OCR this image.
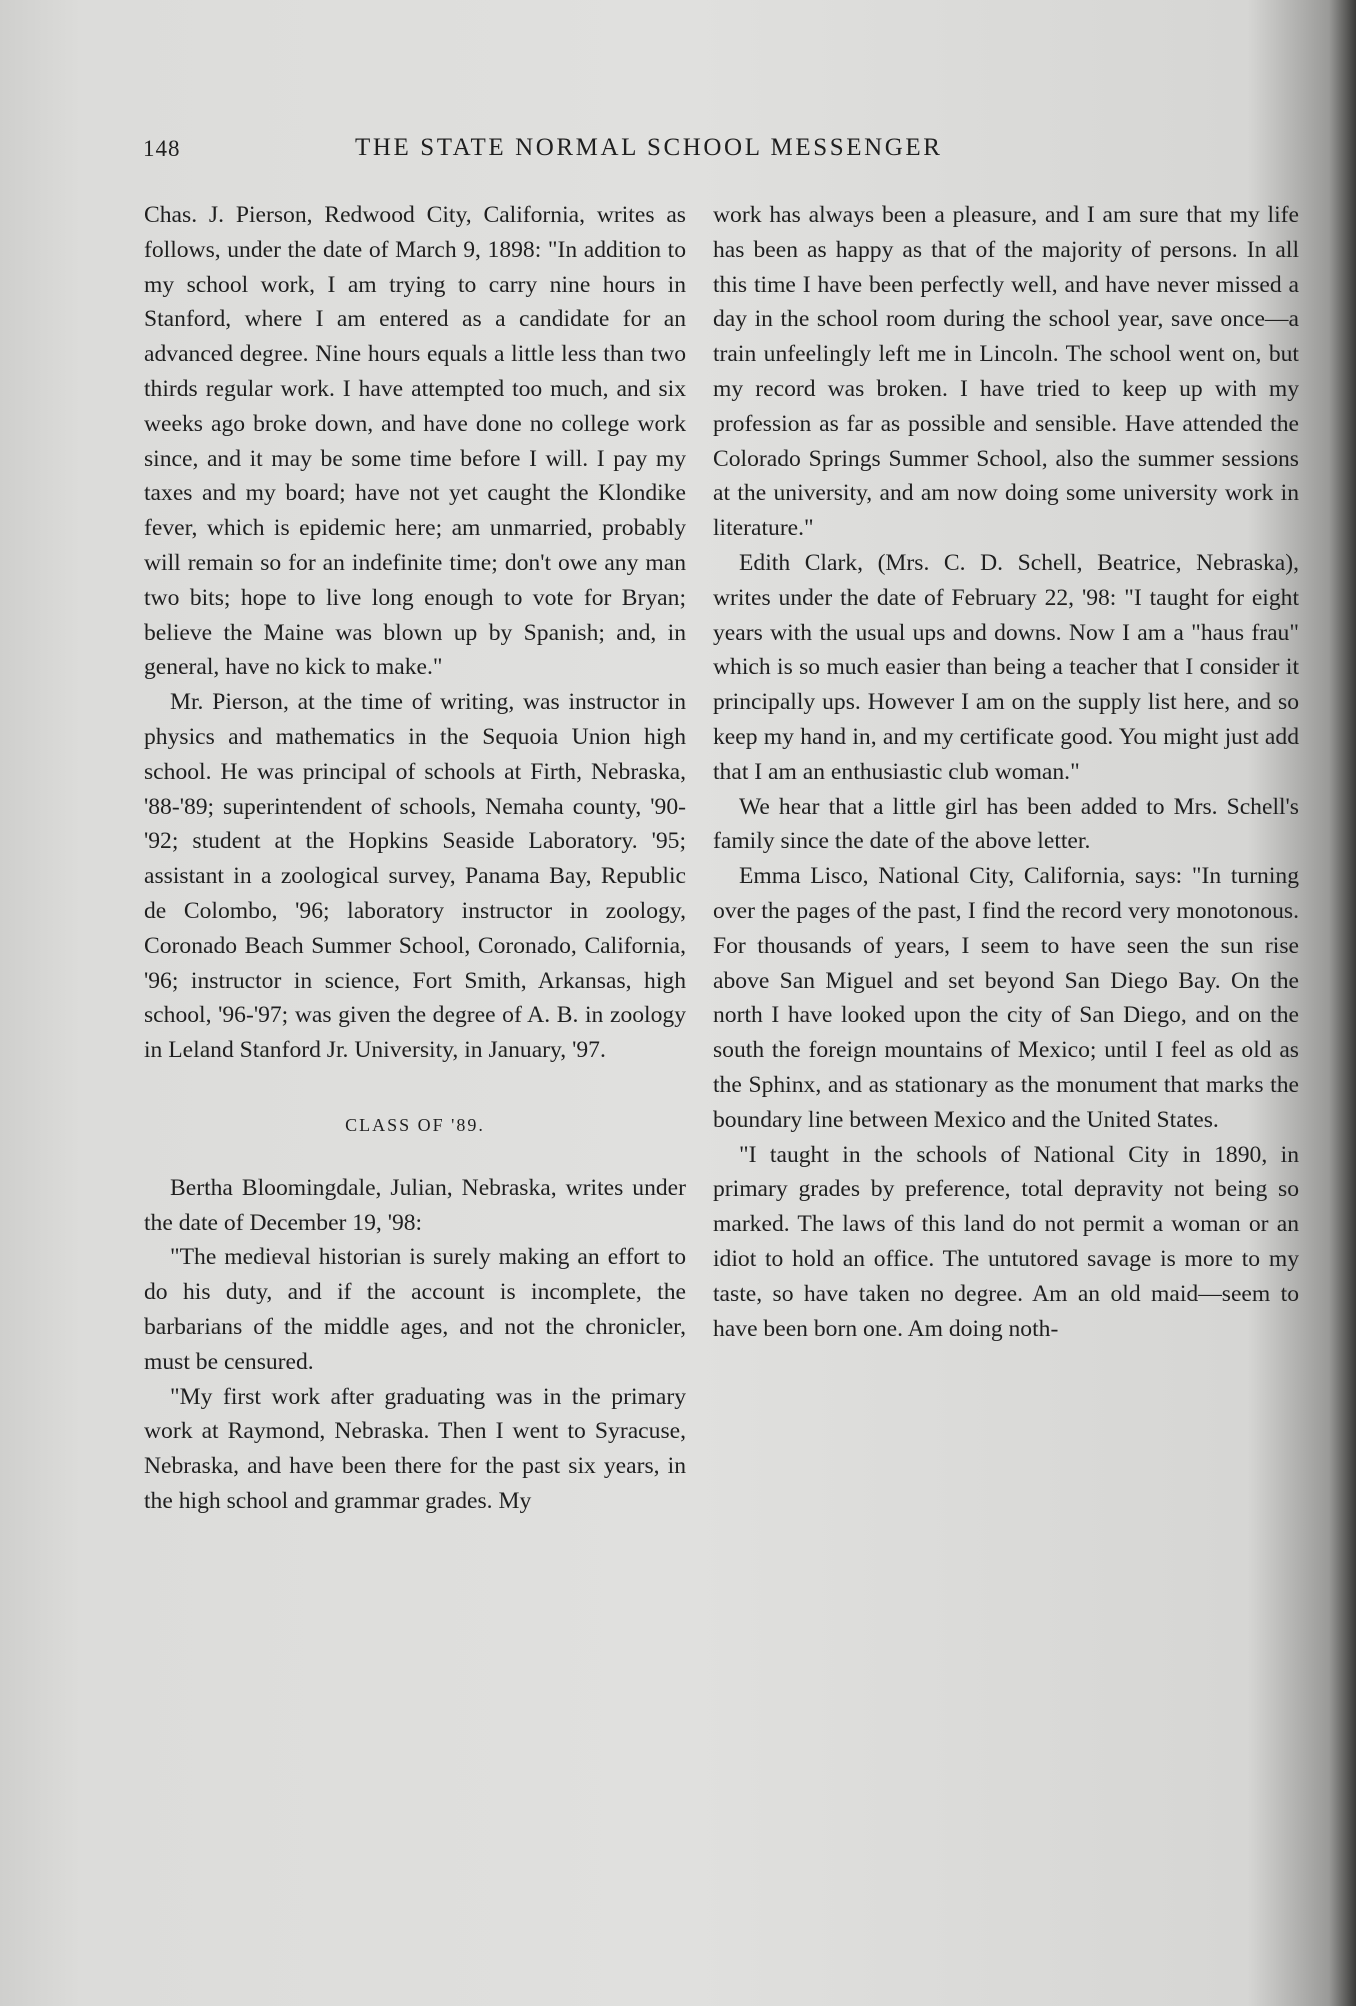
148	THE STATE NORMAL SCHOOL MESSENGER

Chas. J. Pierson, Redwood City, California, writes as follows, under the date of March 9, 1898: "In addition to my school work, I am trying to carry nine hours in Stanford, where I am entered as a candidate for an advanced degree. Nine hours equals a little less than two thirds regular work. I have attempted too much, and six weeks ago broke down, and have done no college work since, and it may be some time before I will. I pay my taxes and my board; have not yet caught the Klondike fever, which is epidemic here; am unmarried, probably will remain so for an indefinite time; don't owe any man two bits; hope to live long enough to vote for Bryan; believe the Maine was blown up by Spanish; and, in general, have no kick to make."

Mr. Pierson, at the time of writing, was instructor in physics and mathematics in the Sequoia Union high school. He was principal of schools at Firth, Nebraska, '88-'89; superintendent of schools, Nemaha county, '90-'92; student at the Hopkins Seaside Laboratory. '95; assistant in a zoological survey, Panama Bay, Republic de Colombo, '96; laboratory instructor in zoology, Coronado Beach Summer School, Coronado, California, '96; instructor in science, Fort Smith, Arkansas, high school, '96-'97; was given the degree of A. B. in zoology in Leland Stanford Jr. University, in January, '97.

CLASS OF '89.

Bertha Bloomingdale, Julian, Nebraska, writes under the date of December 19, '98:

"The medieval historian is surely making an effort to do his duty, and if the account is incomplete, the barbarians of the middle ages, and not the chronicler, must be censured.

"My first work after graduating was in the primary work at Raymond, Nebraska. Then I went to Syracuse, Nebraska, and have been there for the past six years, in the high school and grammar grades. My

work has always been a pleasure, and I am sure that my life has been as happy as that of the majority of persons. In all this time I have been perfectly well, and have never missed a day in the school room during the school year, save once—a train unfeelingly left me in Lincoln. The school went on, but my record was broken. I have tried to keep up with my profession as far as possible and sensible. Have attended the Colorado Springs Summer School, also the summer sessions at the university, and am now doing some university work in literature."

Edith Clark, (Mrs. C. D. Schell, Beatrice, Nebraska), writes under the date of February 22, '98: "I taught for eight years with the usual ups and downs. Now I am a "haus frau" which is so much easier than being a teacher that I consider it principally ups. However I am on the supply list here, and so keep my hand in, and my certificate good. You might just add that I am an enthusiastic club woman."

We hear that a little girl has been added to Mrs. Schell's family since the date of the above letter.

Emma Lisco, National City, California, says: "In turning over the pages of the past, I find the record very monotonous. For thousands of years, I seem to have seen the sun rise above San Miguel and set beyond San Diego Bay. On the north I have looked upon the city of San Diego, and on the south the foreign mountains of Mexico; until I feel as old as the Sphinx, and as stationary as the monument that marks the boundary line between Mexico and the United States.

"I taught in the schools of National City in 1890, in primary grades by preference, total depravity not being so marked. The laws of this land do not permit a woman or an idiot to hold an office. The untutored savage is more to my taste, so have taken no degree. Am an old maid—seem to have been born one. Am doing noth-
